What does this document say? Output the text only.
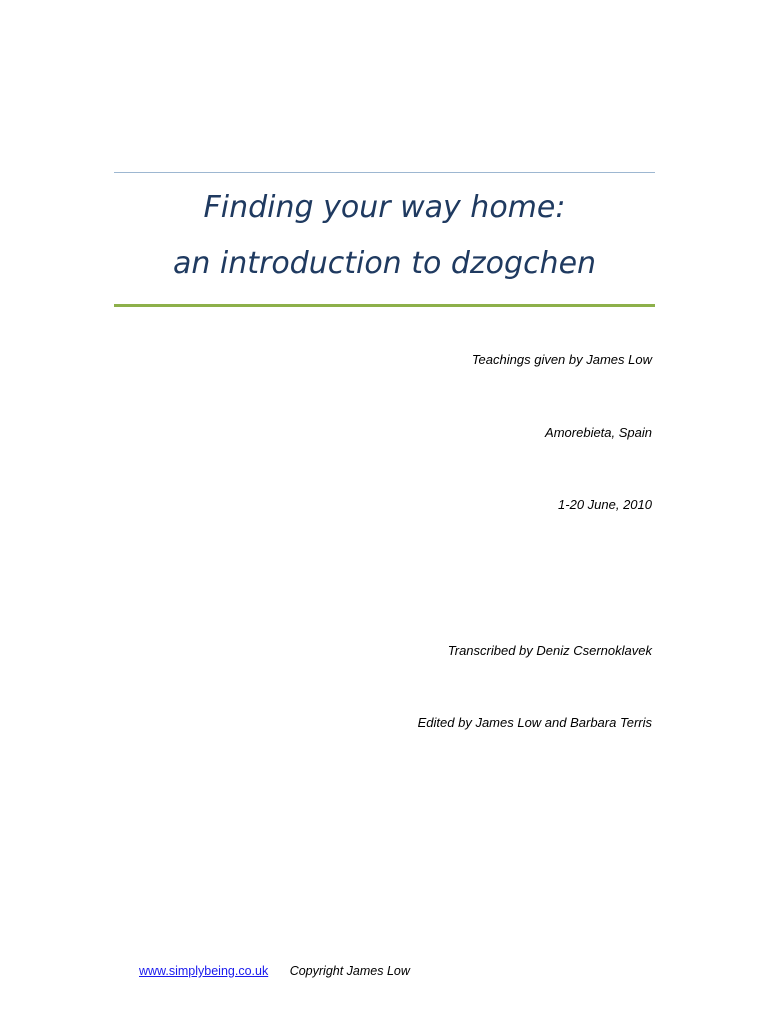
Finding your way home:
an introduction to dzogchen
Teachings given by James Low
Amorebieta, Spain
1-20 June, 2010
Transcribed by Deniz Csernoklavek
Edited by James Low and Barbara Terris
www.simplybeing.co.uk Copyright James Low
